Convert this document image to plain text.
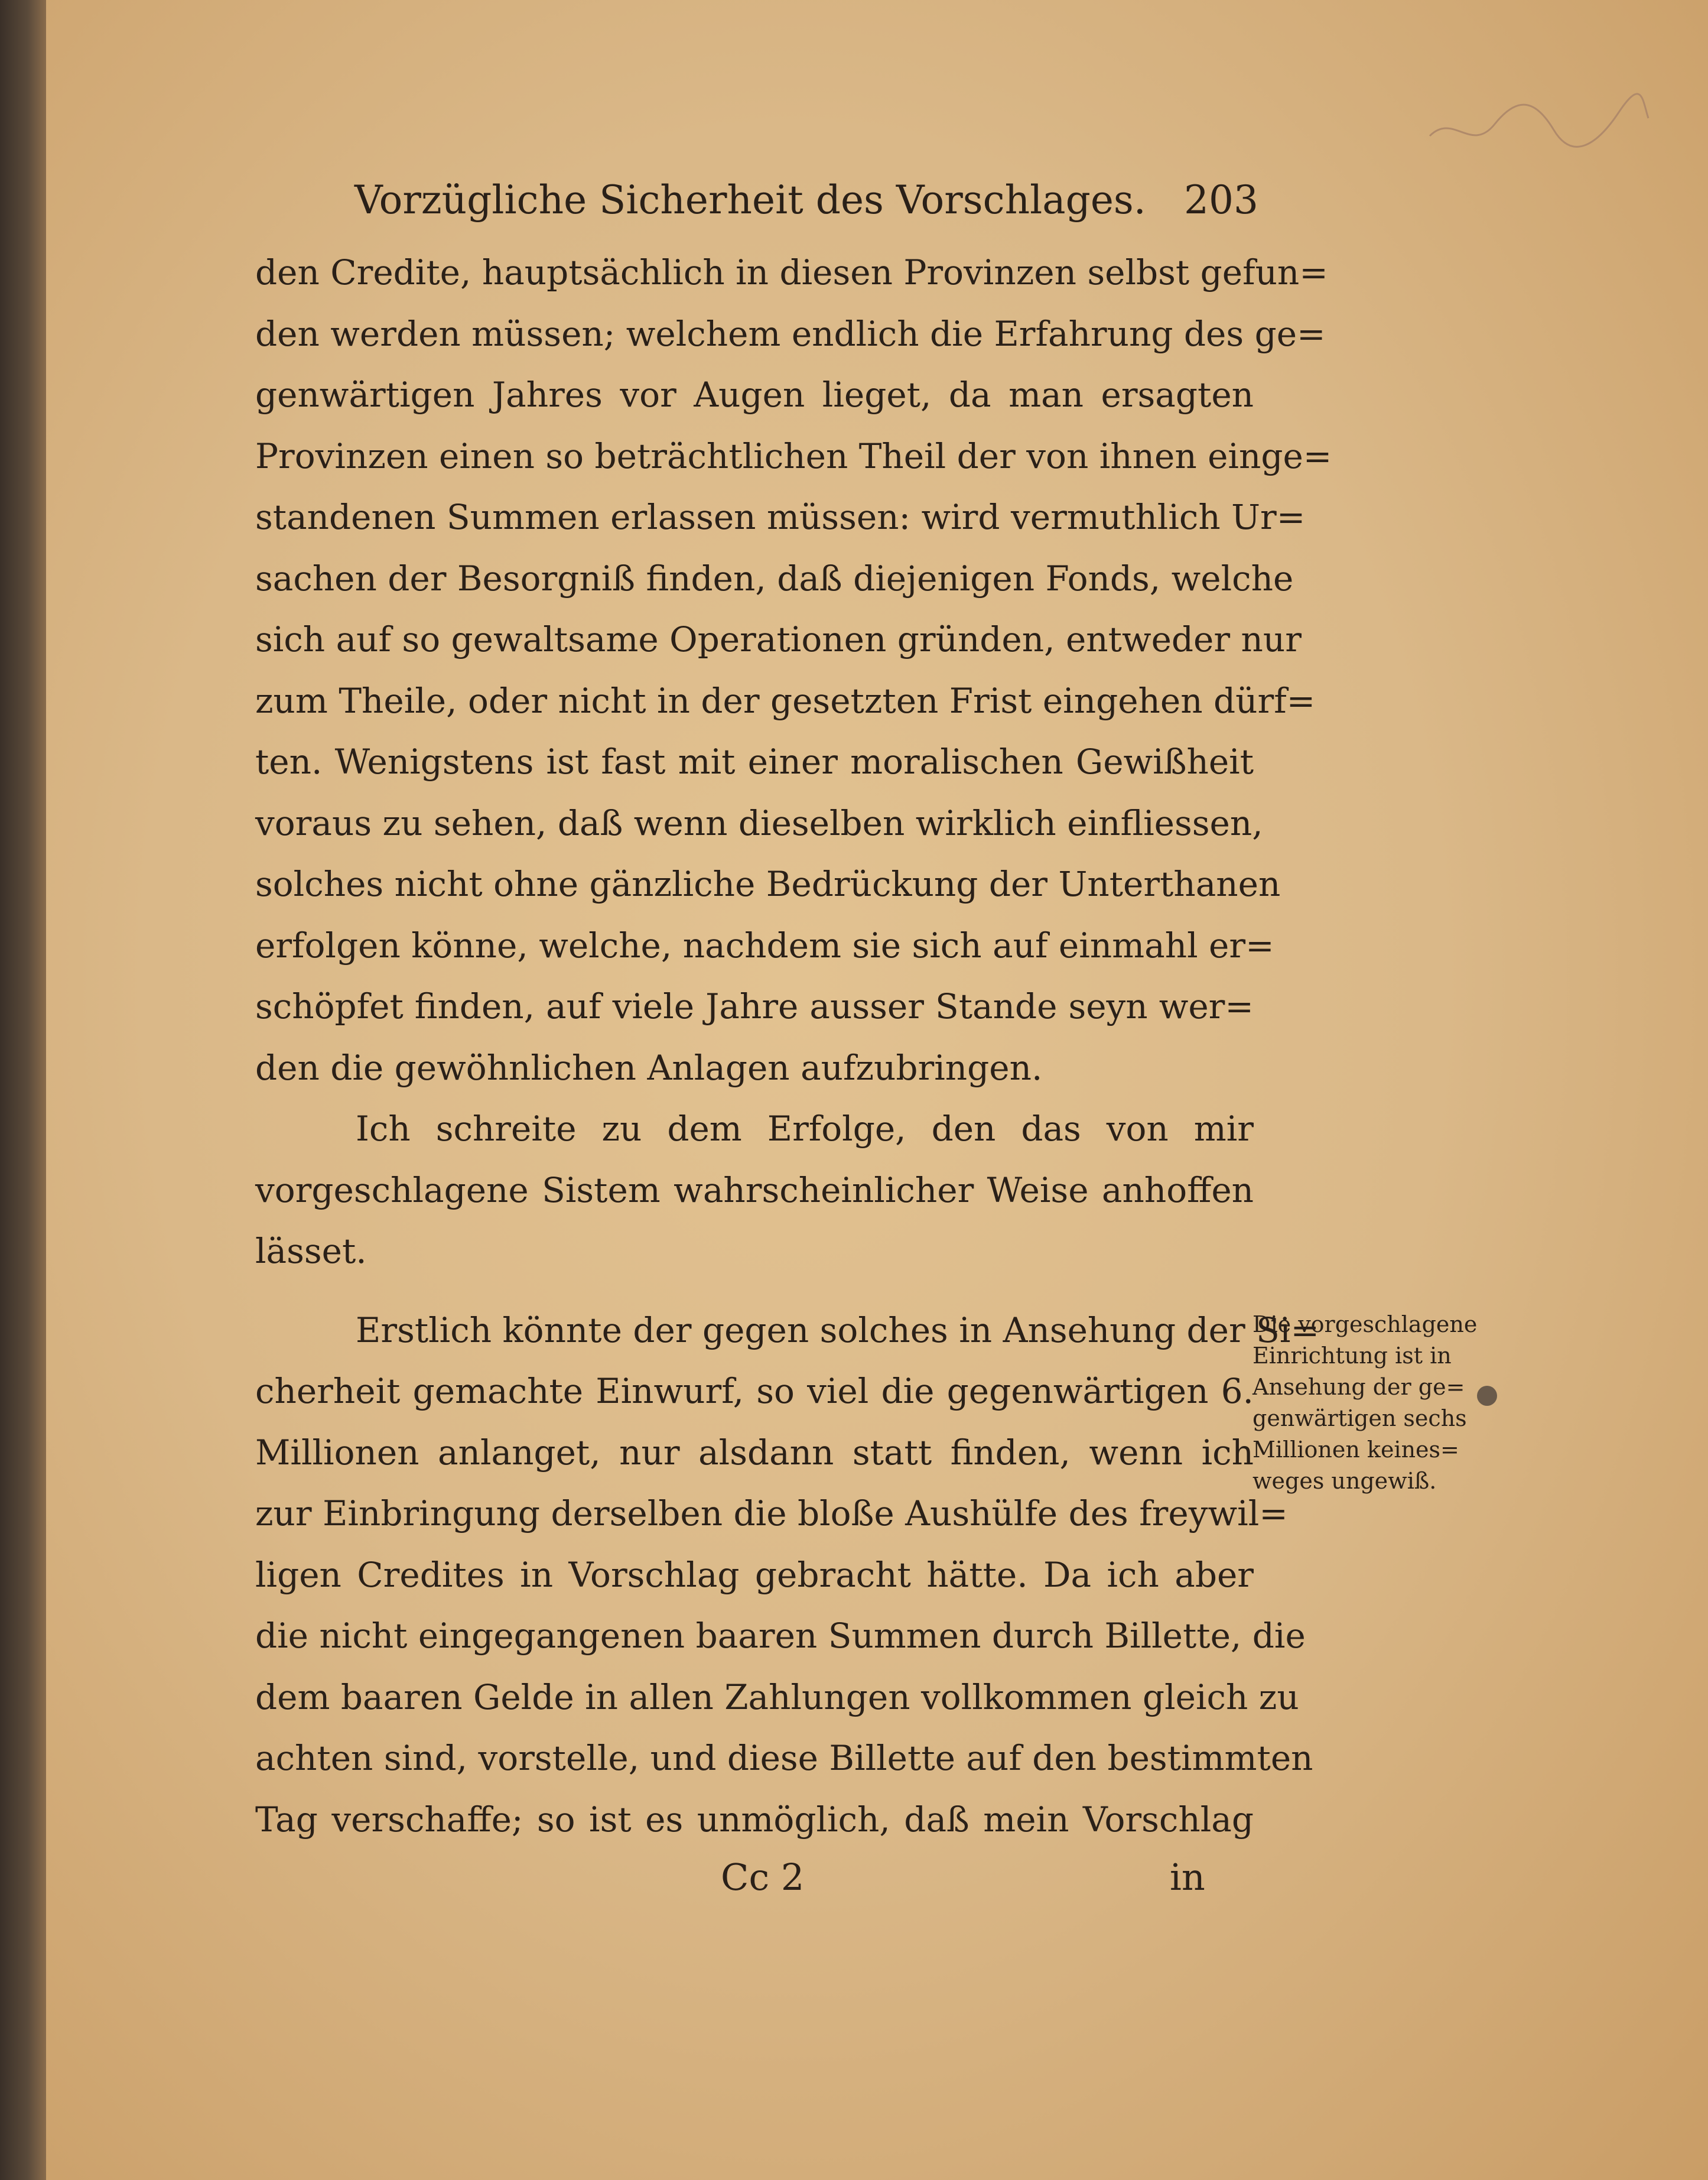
Vorzügliche Sicherheit des Vorschlages. 203
den Credite, hauptsächlich in diesen Provinzen selbst gefun=
den werden müssen; welchem endlich die Erfahrung des ge=
genwärtigen Jahres vor Augen lieget, da man ersagten
Provinzen einen so beträchtlichen Theil der von ihnen einge=
standenen Summen erlassen müssen: wird vermuthlich Ur=
sachen der Besorgniß finden, daß diejenigen Fonds, welche
sich auf so gewaltsame Operationen gründen, entweder nur
zum Theile, oder nicht in der gesetzten Frist eingehen dürf=
ten. Wenigstens ist fast mit einer moralischen Gewißheit
voraus zu sehen, daß wenn dieselben wirklich einfliessen,
solches nicht ohne gänzliche Bedrückung der Unterthanen
erfolgen könne, welche, nachdem sie sich auf einmahl er=
schöpfet finden, auf viele Jahre ausser Stande seyn wer=
den die gewöhnlichen Anlagen aufzubringen.
Ich schreite zu dem Erfolge, den das von mir
vorgeschlagene Sistem wahrscheinlicher Weise anhoffen
lässet.
Erstlich könnte der gegen solches in Ansehung der Si=
cherheit gemachte Einwurf, so viel die gegenwärtigen 6.
Millionen anlanget, nur alsdann statt finden, wenn ich
zur Einbringung derselben die bloße Aushülfe des freywil=
ligen Credites in Vorschlag gebracht hätte. Da ich aber
die nicht eingegangenen baaren Summen durch Billette, die
dem baaren Gelde in allen Zahlungen vollkommen gleich zu
achten sind, vorstelle, und diese Billette auf den bestimmten
Tag verschaffe; so ist es unmöglich, daß mein Vorschlag
Die vorgeschlagene
Einrichtung ist in
Ansehung der ge=
genwärtigen sechs
Millionen keines=
weges ungewiß.
Cc 2	in
